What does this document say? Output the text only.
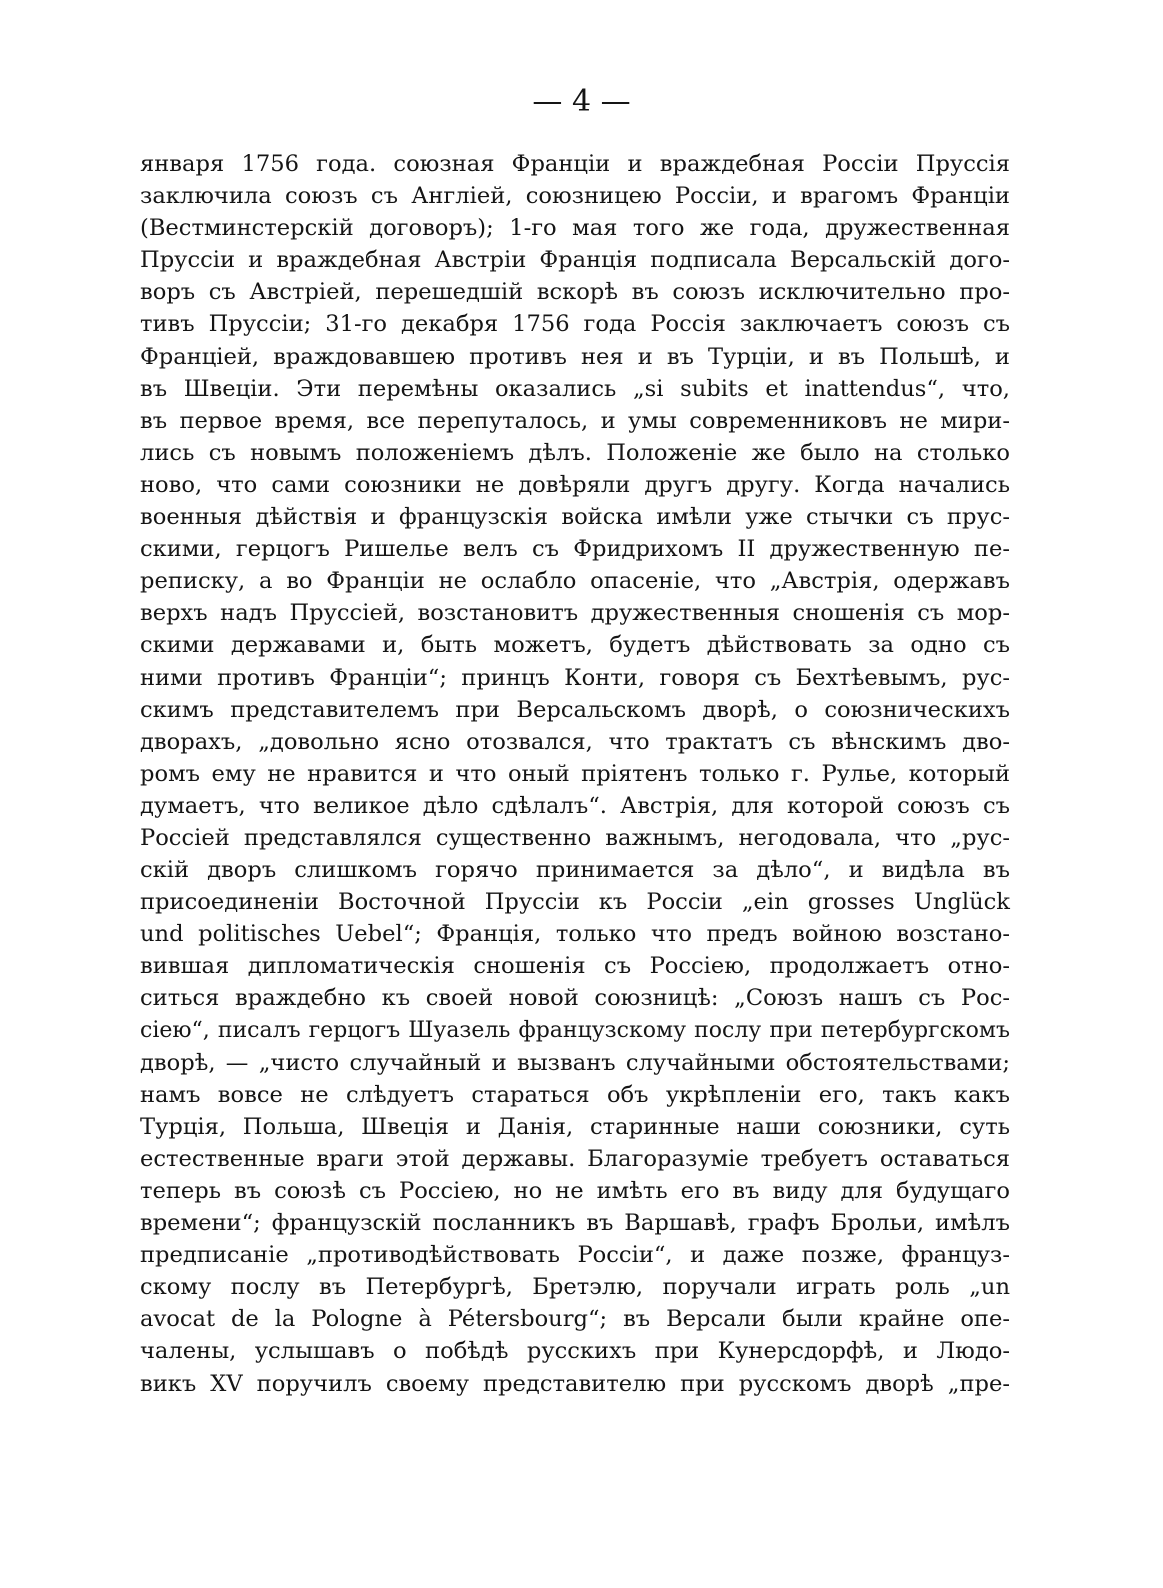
— 4 —
января 1756 года. союзная Франціи и враждебная Россіи Пруссія
заключила союзъ съ Англіей, союзницею Россіи, и врагомъ Франціи
(Вестминстерскій договоръ); 1-го мая того же года, дружественная
Пруссіи и враждебная Австріи Франція подписала Версальскій дого-
воръ съ Австріей, перешедшій вскорѣ въ союзъ исключительно про-
тивъ Пруссіи; 31-го декабря 1756 года Россія заключаетъ союзъ съ
Франціей, враждовавшею противъ нея и въ Турціи, и въ Польшѣ, и
въ Швеціи. Эти перемѣны оказались „si subits et inattendus“, что,
въ первое время, все перепуталось, и умы современниковъ не мири-
лись съ новымъ положеніемъ дѣлъ. Положеніе же было на столько
ново, что сами союзники не довѣряли другъ другу. Когда начались
военныя дѣйствія и французскія войска имѣли уже стычки съ прус-
скими, герцогъ Ришелье велъ съ Фридрихомъ II дружественную пе-
реписку, а во Франціи не ослабло опасеніе, что „Австрія, одержавъ
верхъ надъ Пруссіей, возстановитъ дружественныя сношенія съ мор-
скими державами и, быть можетъ, будетъ дѣйствовать за одно съ
ними противъ Франціи“; принцъ Конти, говоря съ Бехтѣевымъ, рус-
скимъ представителемъ при Версальскомъ дворѣ, о союзническихъ
дворахъ, „довольно ясно отозвался, что трактатъ съ вѣнскимъ дво-
ромъ ему не нравится и что оный пріятенъ только г. Рулье, который
думаетъ, что великое дѣло сдѣлалъ“. Австрія, для которой союзъ съ
Россіей представлялся существенно важнымъ, негодовала, что „рус-
скій дворъ слишкомъ горячо принимается за дѣло“, и видѣла въ
присоединеніи Восточной Пруссіи къ Россіи „ein grosses Unglück
und politisches Uebel“; Франція, только что предъ войною возстано-
вившая дипломатическія сношенія съ Россіею, продолжаетъ отно-
ситься враждебно къ своей новой союзницѣ: „Союзъ нашъ съ Рос-
сіею“, писалъ герцогъ Шуазель французскому послу при петербургскомъ
дворѣ, — „чисто случайный и вызванъ случайными обстоятельствами;
намъ вовсе не слѣдуетъ стараться объ укрѣпленіи его, такъ какъ
Турція, Польша, Швеція и Данія, старинные наши союзники, суть
естественные враги этой державы. Благоразуміе требуетъ оставаться
теперь въ союзѣ съ Россіею, но не имѣть его въ виду для будущаго
времени“; французскій посланникъ въ Варшавѣ, графъ Брольи, имѣлъ
предписаніе „противодѣйствовать Россіи“, и даже позже, француз-
скому послу въ Петербургѣ, Бретэлю, поручали играть роль „un
avocat de la Pologne à Pétersbourg“; въ Версали были крайне опе-
чалены, услышавъ о побѣдѣ русскихъ при Кунерсдорфѣ, и Людо-
викъ XV поручилъ своему представителю при русскомъ дворѣ „пре-
